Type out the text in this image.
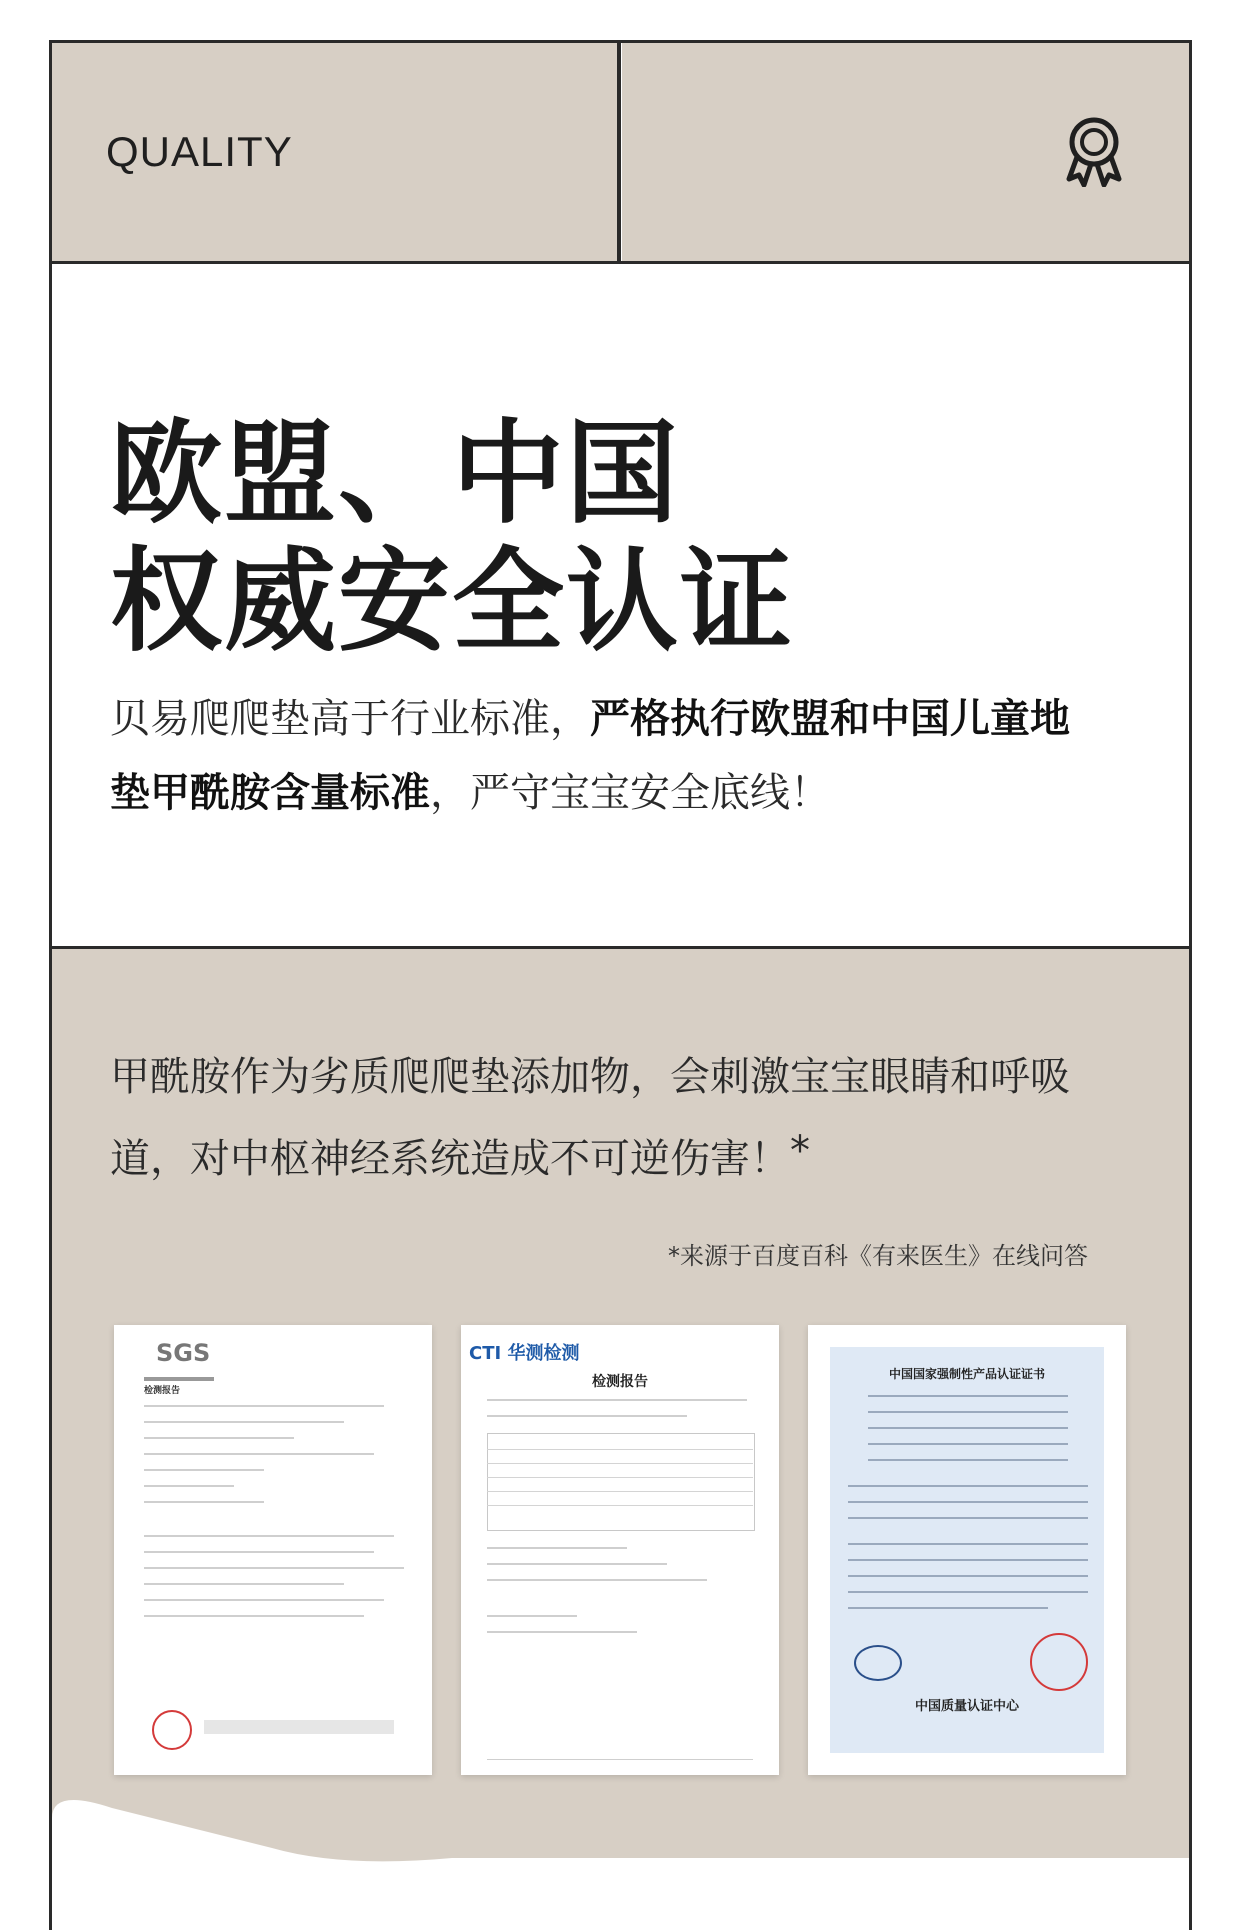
QUALITY
欧盟、中国
权威安全认证
贝易爬爬垫高于行业标准，严格执行欧盟和中国儿童地
垫甲酰胺含量标准，严守宝宝安全底线！
甲酰胺作为劣质爬爬垫添加物，会刺激宝宝眼睛和呼吸道，对中枢神经系统造成不可逆伤害！*
*来源于百度百科《有来医生》在线问答
SGS
检测报告
CTI 华测检测
检测报告	中国国家强制性产品认证证书
中国质量认证中心
